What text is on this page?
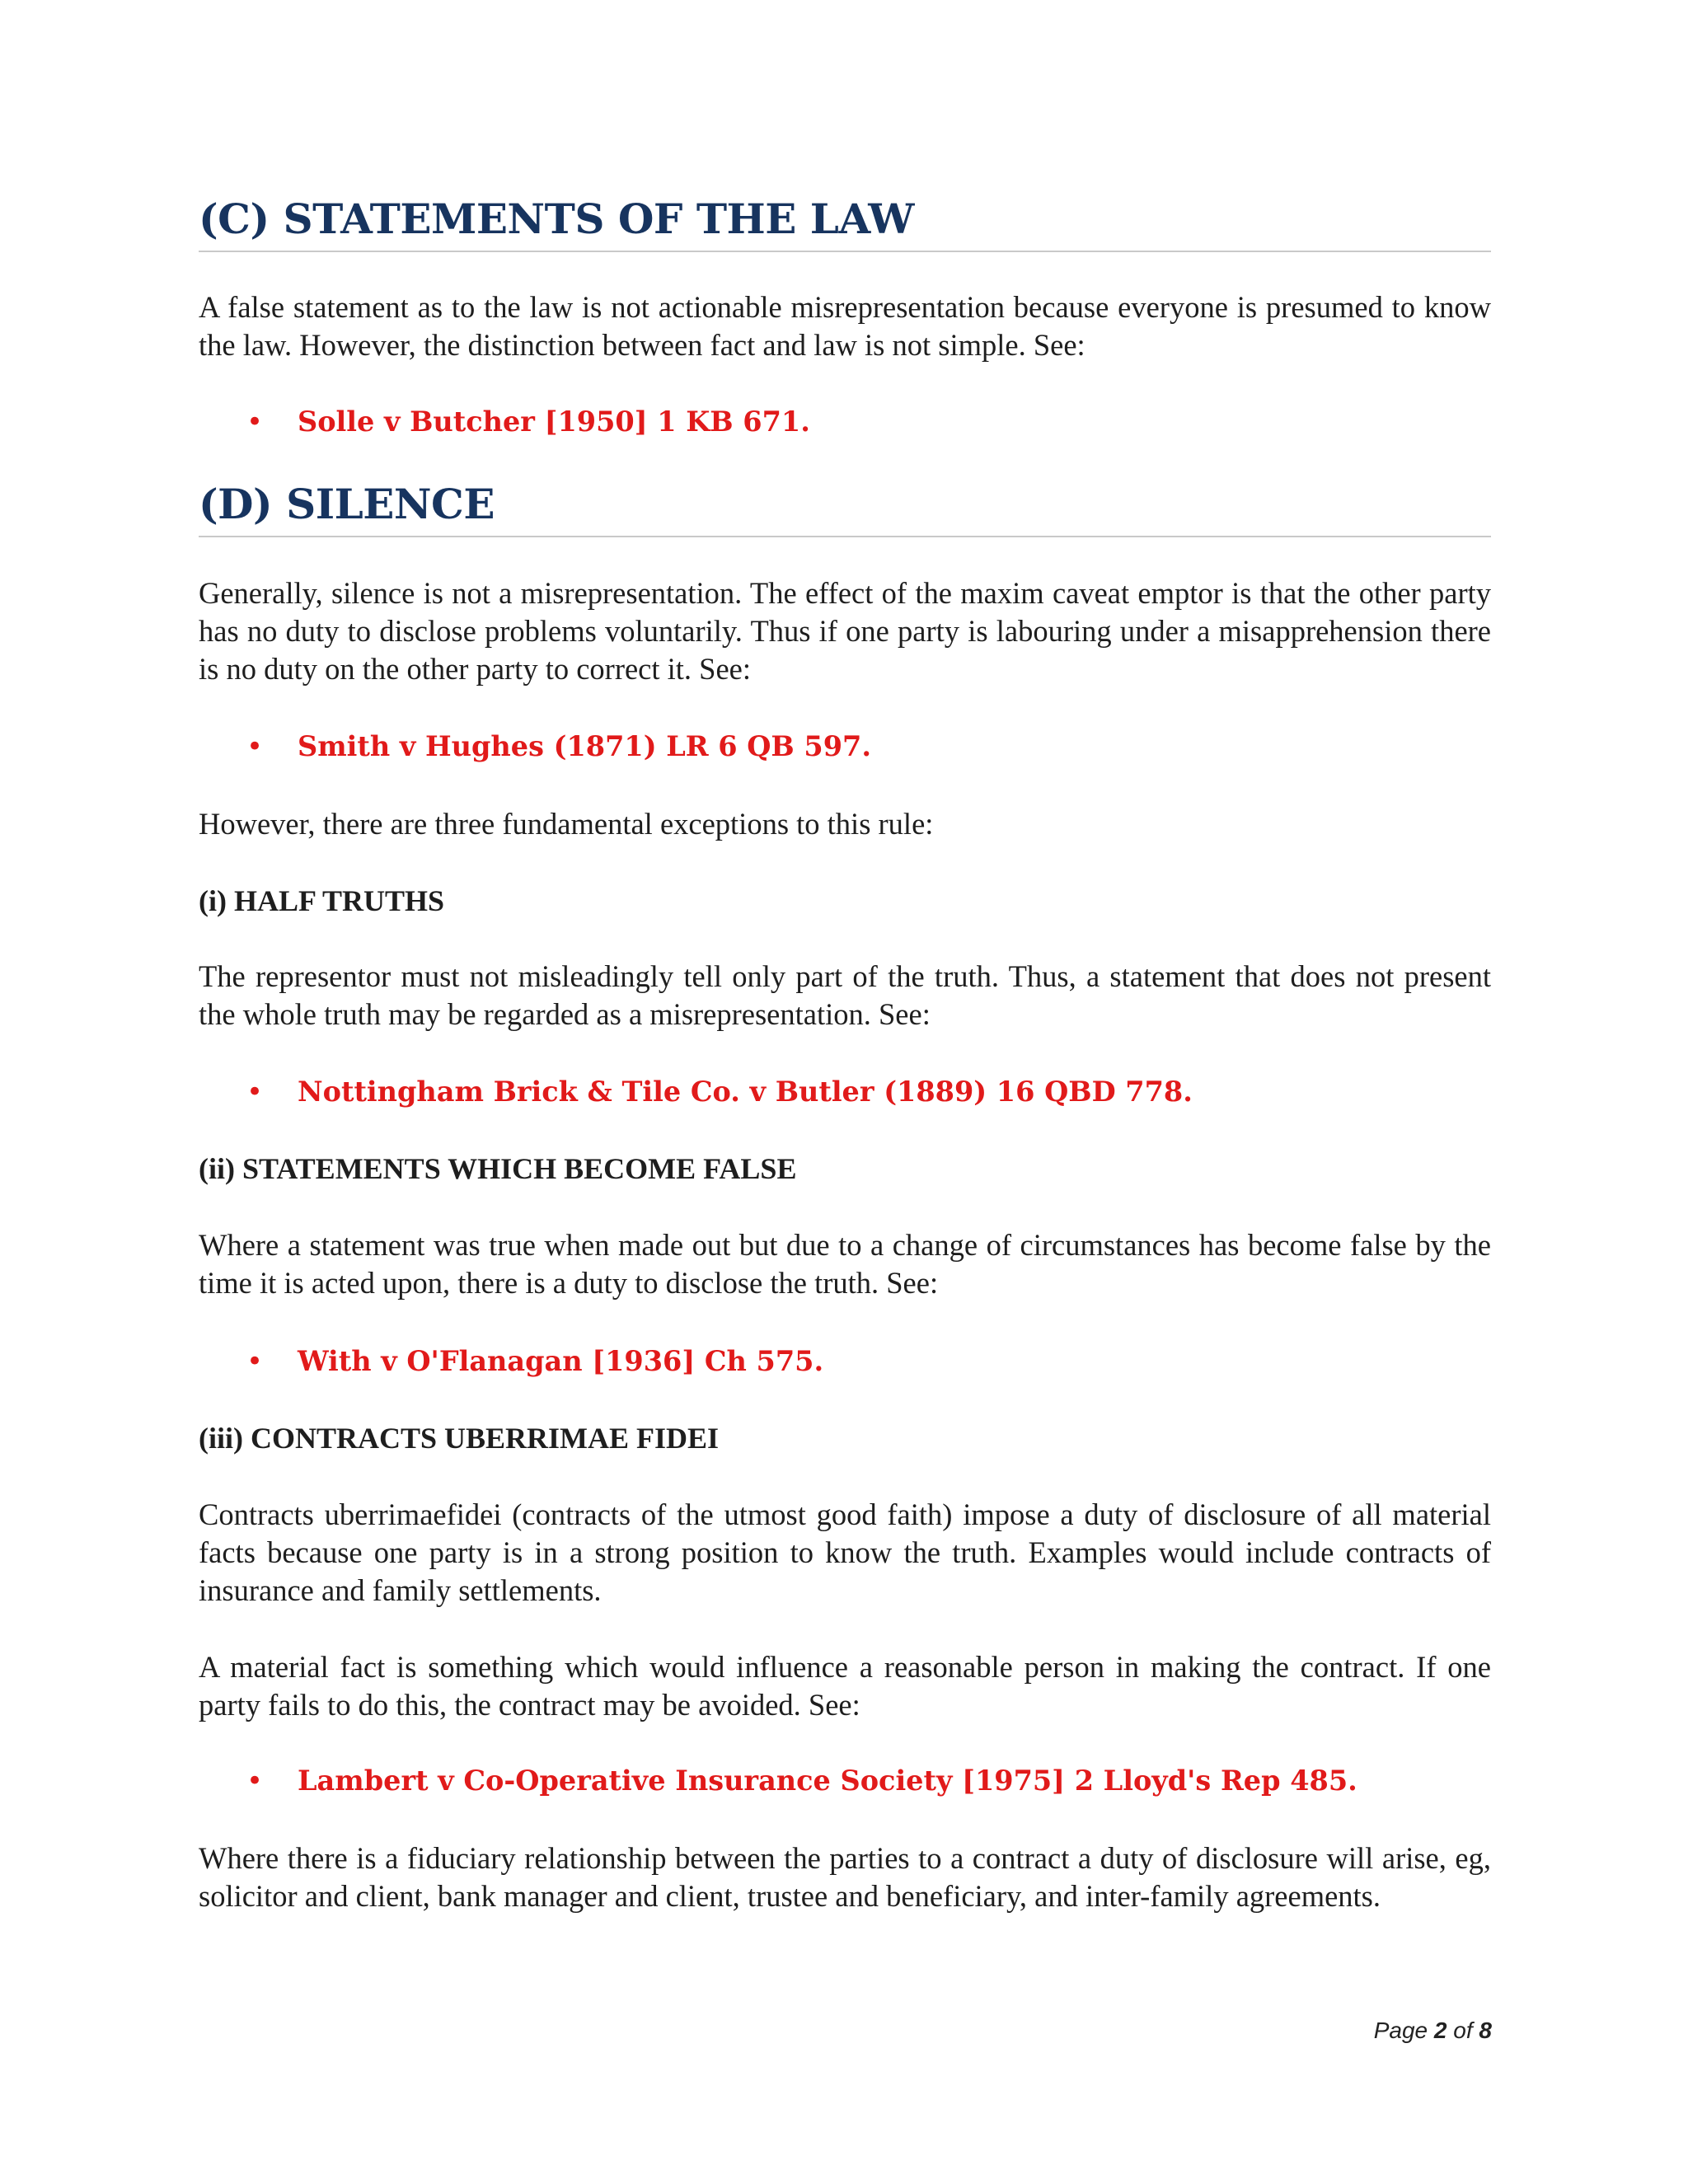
(C) STATEMENTS OF THE LAW

A false statement as to the law is not actionable misrepresentation because everyone is presumed to know the law. However, the distinction between fact and law is not simple. See:

• Solle v Butcher [1950] 1 KB 671.

(D) SILENCE

Generally, silence is not a misrepresentation. The effect of the maxim caveat emptor is that the other party has no duty to disclose problems voluntarily. Thus if one party is labouring under a misapprehension there is no duty on the other party to correct it. See:

• Smith v Hughes (1871) LR 6 QB 597.

However, there are three fundamental exceptions to this rule:

(i) HALF TRUTHS

The representor must not misleadingly tell only part of the truth. Thus, a statement that does not present the whole truth may be regarded as a misrepresentation. See:

• Nottingham Brick & Tile Co. v Butler (1889) 16 QBD 778.

(ii) STATEMENTS WHICH BECOME FALSE

Where a statement was true when made out but due to a change of circumstances has become false by the time it is acted upon, there is a duty to disclose the truth. See:

• With v O'Flanagan [1936] Ch 575.

(iii) CONTRACTS UBERRIMAE FIDEI

Contracts uberrimaefidei (contracts of the utmost good faith) impose a duty of disclosure of all material facts because one party is in a strong position to know the truth. Examples would include contracts of insurance and family settlements.

A material fact is something which would influence a reasonable person in making the contract. If one party fails to do this, the contract may be avoided. See:

• Lambert v Co-Operative Insurance Society [1975] 2 Lloyd's Rep 485.

Where there is a fiduciary relationship between the parties to a contract a duty of disclosure will arise, eg, solicitor and client, bank manager and client, trustee and beneficiary, and inter-family agreements.

Page 2 of 8
